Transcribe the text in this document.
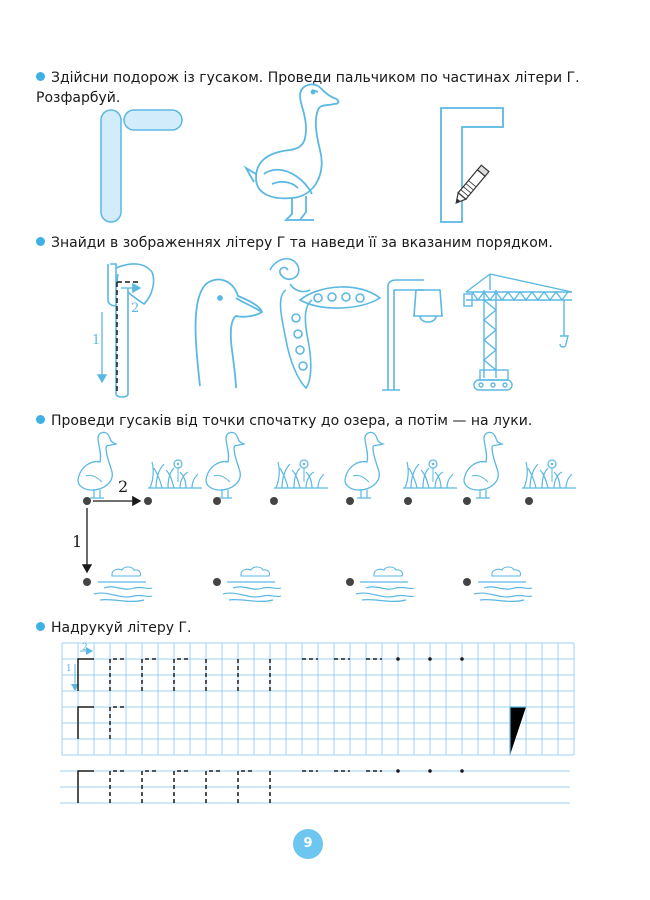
Здійсни подорож із гусаком. Проведи пальчиком по частинах літери Г.
Розфарбуй.
Знайди в зображеннях літеру Г та наведи її за вказаним порядком.
Проведи гусаків від точки спочатку до озера, а потім — на луки.
Надрукуй літеру Г.
1
2
2
1
2
1
9
